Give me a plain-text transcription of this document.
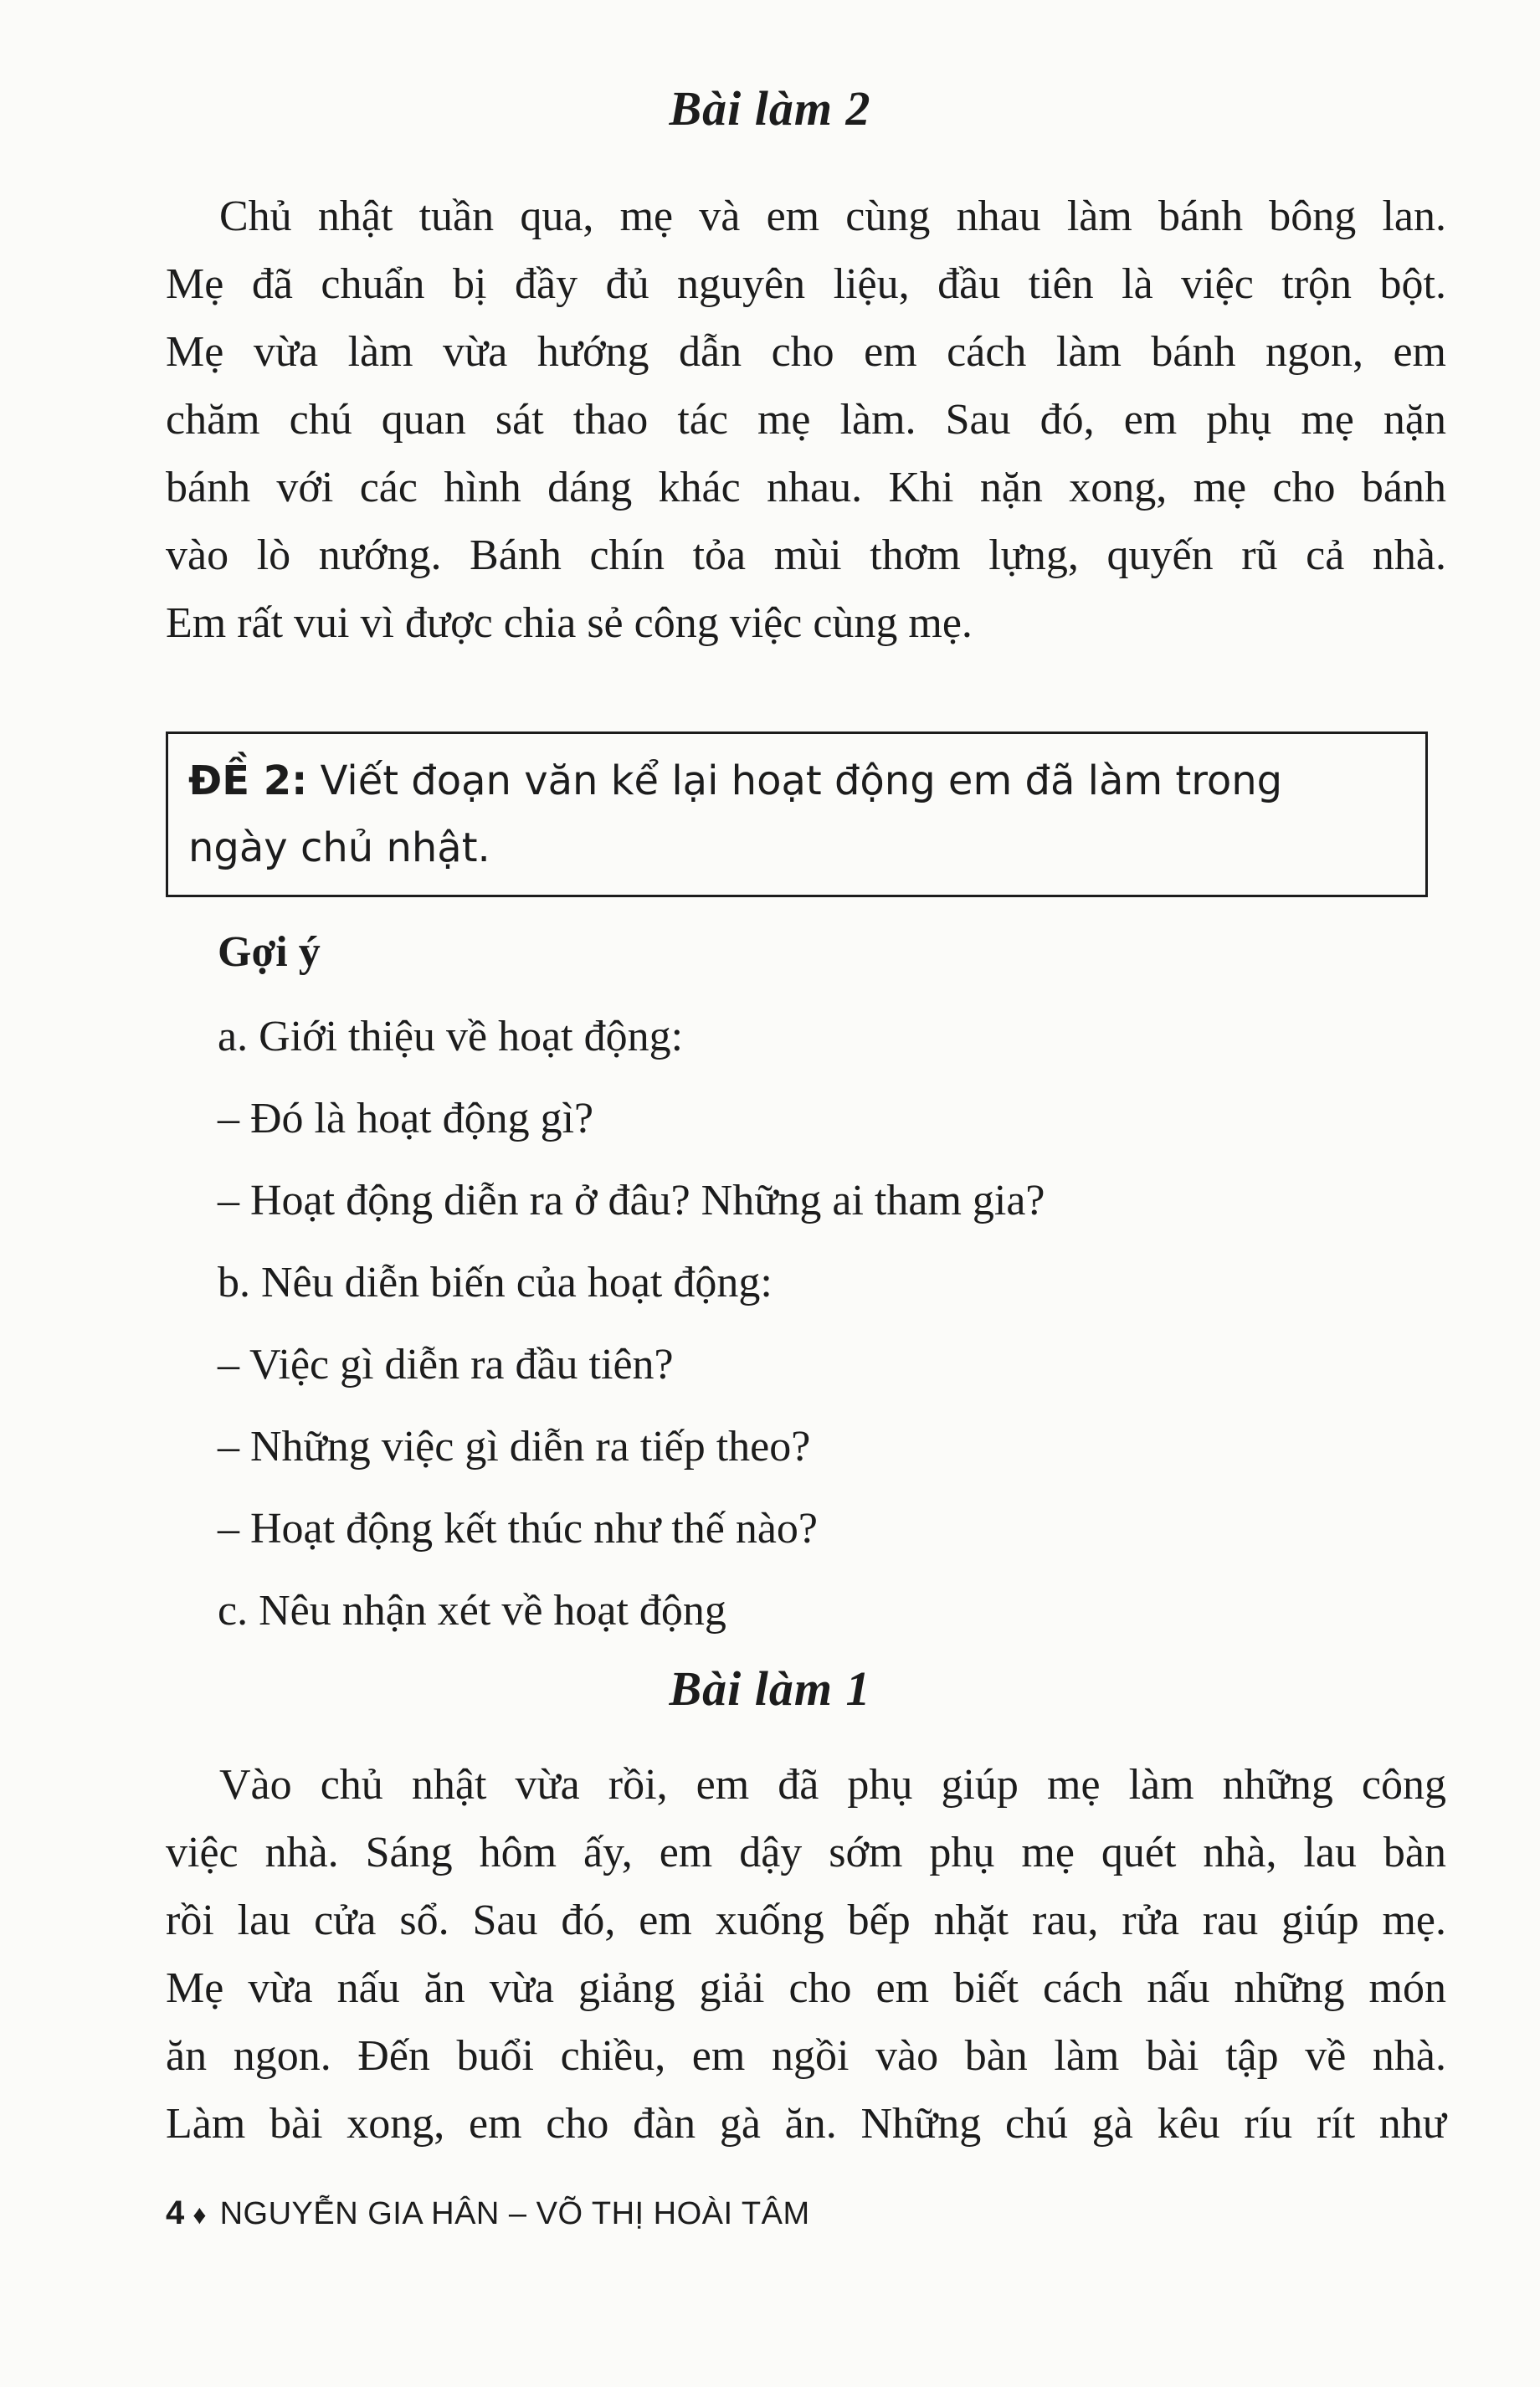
Bài làm 2
Chủ nhật tuần qua, mẹ và em cùng nhau làm bánh bông lan.
Mẹ đã chuẩn bị đầy đủ nguyên liệu, đầu tiên là việc trộn bột.
Mẹ vừa làm vừa hướng dẫn cho em cách làm bánh ngon, em
chăm chú quan sát thao tác mẹ làm. Sau đó, em phụ mẹ nặn
bánh với các hình dáng khác nhau. Khi nặn xong, mẹ cho bánh
vào lò nướng. Bánh chín tỏa mùi thơm lựng, quyến rũ cả nhà.
Em rất vui vì được chia sẻ công việc cùng mẹ.
ĐỀ 2: Viết đoạn văn kể lại hoạt động em đã làm trong
ngày chủ nhật.
Gợi ý
a. Giới thiệu về hoạt động:
– Đó là hoạt động gì?
– Hoạt động diễn ra ở đâu? Những ai tham gia?
b. Nêu diễn biến của hoạt động:
– Việc gì diễn ra đầu tiên?
– Những việc gì diễn ra tiếp theo?
– Hoạt động kết thúc như thế nào?
c. Nêu nhận xét về hoạt động
Bài làm 1
Vào chủ nhật vừa rồi, em đã phụ giúp mẹ làm những công
việc nhà. Sáng hôm ấy, em dậy sớm phụ mẹ quét nhà, lau bàn
rồi lau cửa sổ. Sau đó, em xuống bếp nhặt rau, rửa rau giúp mẹ.
Mẹ vừa nấu ăn vừa giảng giải cho em biết cách nấu những món
ăn ngon. Đến buổi chiều, em ngồi vào bàn làm bài tập về nhà.
Làm bài xong, em cho đàn gà ăn. Những chú gà kêu ríu rít như
4 ♦ NGUYỄN GIA HÂN – VÕ THỊ HOÀI TÂM
